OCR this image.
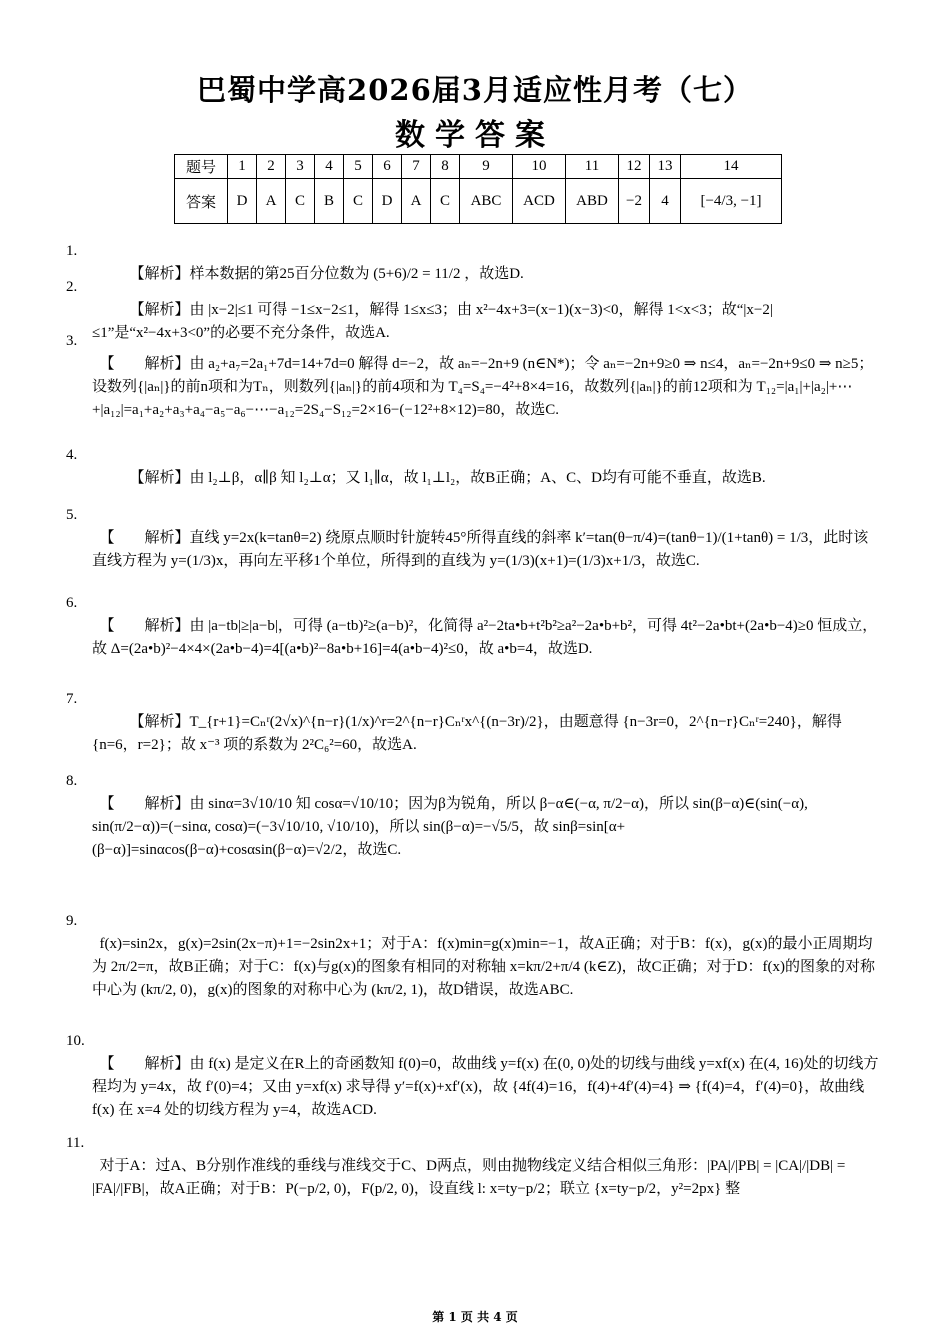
巴蜀中学高2026届3月适应性月考（七）
数学答案
题号	1	2	3	4	5	6	7	8	9	10	11	12	13	14
答案	D	A	C	B	C	D	A	C	ABC	ACD	ABD	−2	4	[−4/3, −1]

1.
【解析】样本数据的第25百分位数为 (5+6)/2 = 11/2 ，故选D.

2.
【解析】由 |x−2|≤1 可得 −1≤x−2≤1，解得 1≤x≤3；由 x²−4x+3=(x−1)(x−3)<0，解得 1<x<3；故“|x−2|≤1”是“x²−4x+3<0”的必要不充分条件，故选A.

3.
【        解析】由 a₂+a₇=2a₁+7d=14+7d=0 解得 d=−2，故 aₙ=−2n+9 (n∈N*)；令 aₙ=−2n+9≥0 ⇒ n≤4，aₙ=−2n+9≤0 ⇒ n≥5；设数列{|aₙ|}的前n项和为Tₙ，则数列{|aₙ|}的前4项和为 T₄=S₄=−4²+8×4=16，故数列{|aₙ|}的前12项和为 T₁₂=|a₁|+|a₂|+⋯+|a₁₂|=a₁+a₂+a₃+a₄−a₅−a₆−⋯−a₁₂=2S₄−S₁₂=2×16−(−12²+8×12)=80，故选C.

4.
【解析】由 l₂⊥β，α∥β 知 l₂⊥α；又 l₁∥α，故 l₁⊥l₂，故B正确；A、C、D均有可能不垂直，故选B.

5.
【        解析】直线 y=2x(k=tanθ=2) 绕原点顺时针旋转45°所得直线的斜率 k′=tan(θ−π/4)=(tanθ−1)/(1+tanθ) = 1/3，此时该直线方程为 y=(1/3)x，再向左平移1个单位，所得到的直线为 y=(1/3)(x+1)=(1/3)x+1/3，故选C.

6.
【        解析】由 |a−tb|≥|a−b|，可得 (a−tb)²≥(a−b)²，化简得 a²−2ta•b+t²b²≥a²−2a•b+b²，可得 4t²−2a•bt+(2a•b−4)≥0 恒成立，故 Δ=(2a•b)²−4×4×(2a•b−4)=4[(a•b)²−8a•b+16]=4(a•b−4)²≤0，故 a•b=4，故选D.

7.
【解析】T_{r+1}=Cₙʳ(2√x)^{n−r}(1/x)^r=2^{n−r}Cₙʳx^{(n−3r)/2}，由题意得 {n−3r=0，2^{n−r}Cₙʳ=240}，解得 {n=6，r=2}；故 x⁻³ 项的系数为 2²C₆²=60，故选A.

8.
【        解析】由 sinα=3√10/10 知 cosα=√10/10；因为β为锐角，所以 β−α∈(−α, π/2−α)，所以 sin(β−α)∈(sin(−α), sin(π/2−α))=(−sinα, cosα)=(−3√10/10, √10/10)，所以 sin(β−α)=−√5/5，故 sinβ=sin[α+(β−α)]=sinαcos(β−α)+cosαsin(β−α)=√2/2，故选C.

9.
f(x)=sin2x，g(x)=2sin(2x−π)+1=−2sin2x+1；对于A：f(x)min=g(x)min=−1，故A正确；对于B：f(x)，g(x)的最小正周期均为 2π/2=π，故B正确；对于C：f(x)与g(x)的图象有相同的对称轴 x=kπ/2+π/4 (k∈Z)，故C正确；对于D：f(x)的图象的对称中心为 (kπ/2, 0)，g(x)的图象的对称中心为 (kπ/2, 1)，故D错误，故选ABC.

10.
【        解析】由 f(x) 是定义在R上的奇函数知 f(0)=0，故曲线 y=f(x) 在(0, 0)处的切线与曲线 y=xf(x) 在(4, 16)处的切线方程均为 y=4x，故 f′(0)=4；又由 y=xf(x) 求导得 y′=f(x)+xf′(x)，故 {4f(4)=16，f(4)+4f′(4)=4} ⇒ {f(4)=4，f′(4)=0}，故曲线 f(x) 在 x=4 处的切线方程为 y=4，故选ACD.

11.
对于A：过A、B分别作准线的垂线与准线交于C、D两点，则由抛物线定义结合相似三角形：|PA|/|PB| = |CA|/|DB| = |FA|/|FB|，故A正确；对于B：P(−p/2, 0)，F(p/2, 0)，设直线 l: x=ty−p/2；联立 {x=ty−p/2，y²=2px} 整

第 1 页 共 4 页
